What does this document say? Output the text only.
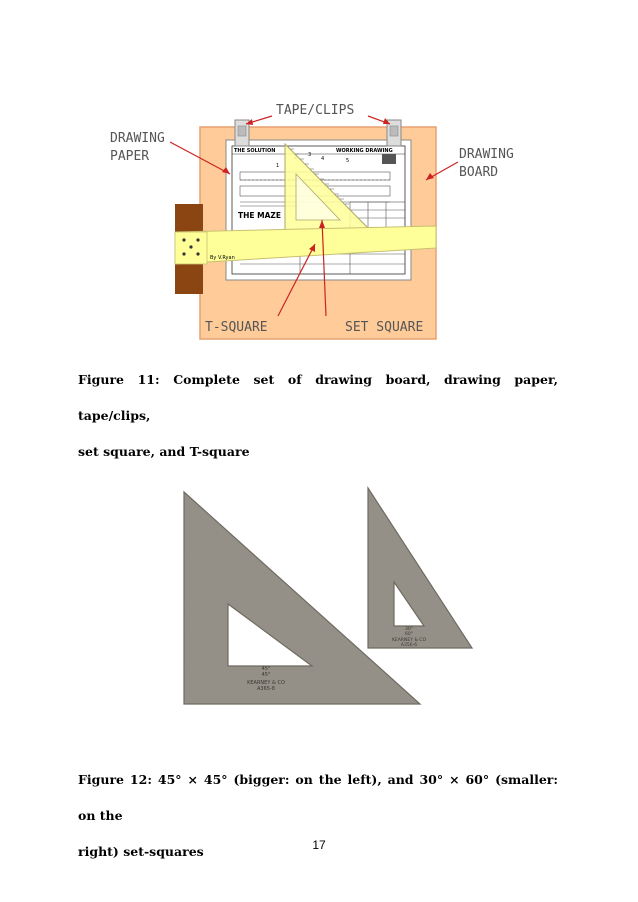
THE SOLUTION	WORKING DRAWING
1
3
4	5
THE MAZE
By V.Ryan
TAPE/CLIPS
DRAWING
PAPER	DRAWING
BOARD
T-SQUARE	SET SQUARE
Figure 11: Complete set of drawing board, drawing paper, tape/clips,
set square, and T-square
45°
45°
KEARNEY & CO
A365-8
30°
60°
KEARNEY & CO
A356-6
Figure 12: 45° × 45° (bigger: on the left), and 30° × 60° (smaller: on the
right) set-squares	17
